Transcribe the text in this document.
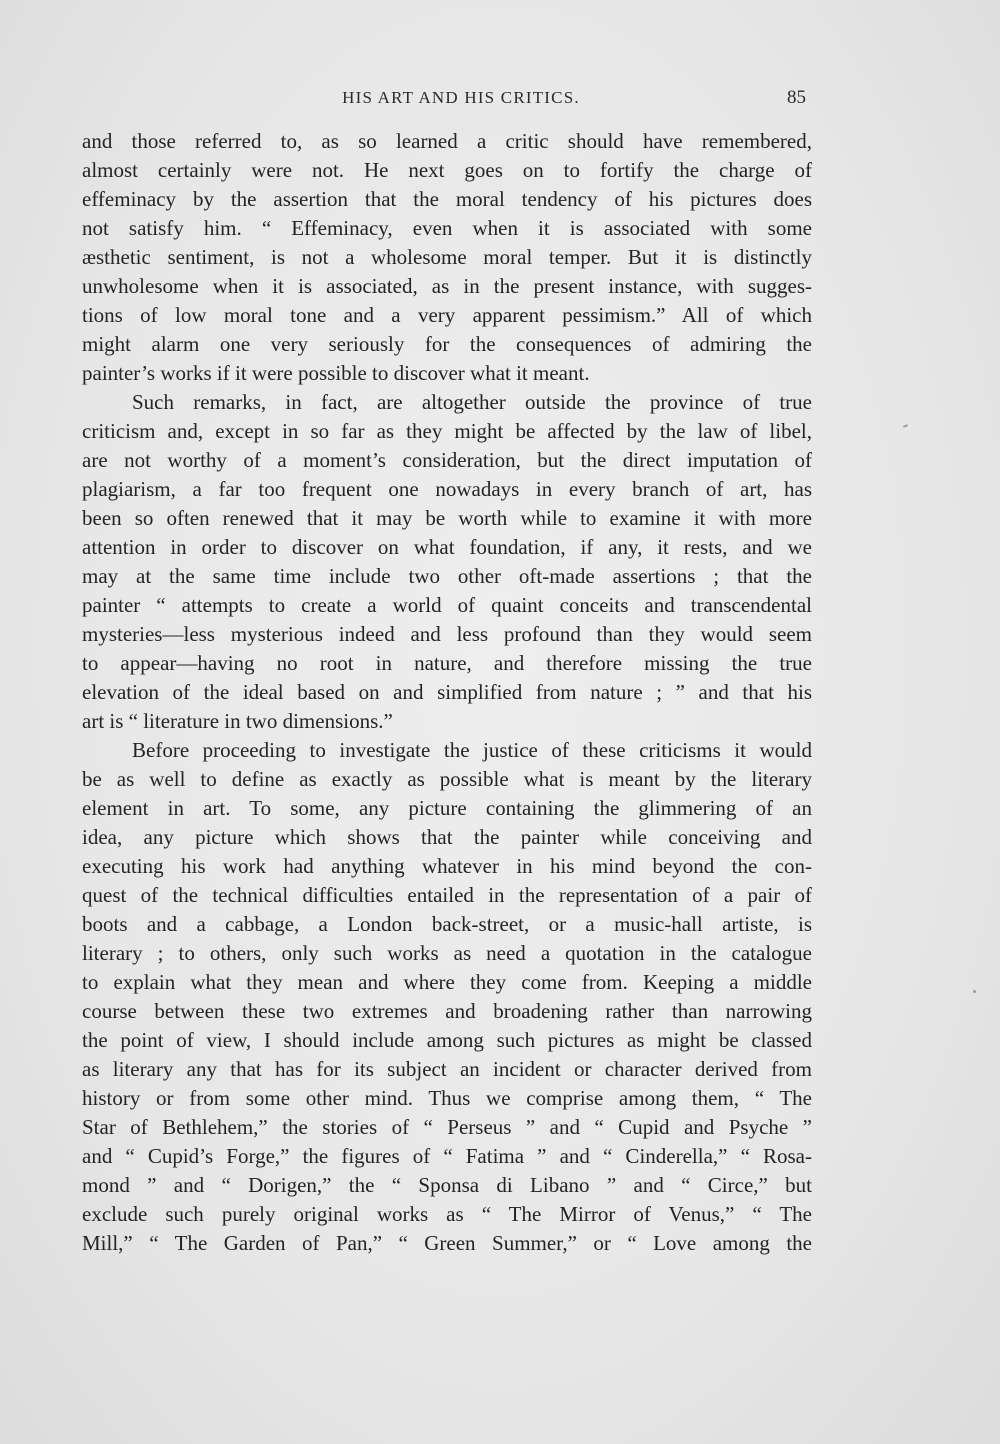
HIS ART AND HIS CRITICS.	85
and those referred to, as so learned a critic should have remembered,
almost certainly were not. He next goes on to fortify the charge of
effeminacy by the assertion that the moral tendency of his pictures does
not satisfy him. “ Effeminacy, even when it is associated with some
æsthetic sentiment, is not a wholesome moral temper. But it is distinctly
unwholesome when it is associated, as in the present instance, with sugges-
tions of low moral tone and a very apparent pessimism.” All of which
might alarm one very seriously for the consequences of admiring the
painter’s works if it were possible to discover what it meant.
Such remarks, in fact, are altogether outside the province of true
criticism and, except in so far as they might be affected by the law of libel,
are not worthy of a moment’s consideration, but the direct imputation of
plagiarism, a far too frequent one nowadays in every branch of art, has
been so often renewed that it may be worth while to examine it with more
attention in order to discover on what foundation, if any, it rests, and we
may at the same time include two other oft-made assertions ; that the
painter “ attempts to create a world of quaint conceits and transcendental
mysteries—less mysterious indeed and less profound than they would seem
to appear—having no root in nature, and therefore missing the true
elevation of the ideal based on and simplified from nature ; ” and that his
art is “ literature in two dimensions.”
Before proceeding to investigate the justice of these criticisms it would
be as well to define as exactly as possible what is meant by the literary
element in art. To some, any picture containing the glimmering of an
idea, any picture which shows that the painter while conceiving and
executing his work had anything whatever in his mind beyond the con-
quest of the technical difficulties entailed in the representation of a pair of
boots and a cabbage, a London back-street, or a music-hall artiste, is
literary ; to others, only such works as need a quotation in the catalogue
to explain what they mean and where they come from. Keeping a middle
course between these two extremes and broadening rather than narrowing
the point of view, I should include among such pictures as might be classed
as literary any that has for its subject an incident or character derived from
history or from some other mind. Thus we comprise among them, “ The
Star of Bethlehem,” the stories of “ Perseus ” and “ Cupid and Psyche ”
and “ Cupid’s Forge,” the figures of “ Fatima ” and “ Cinderella,” “ Rosa-
mond ” and “ Dorigen,” the “ Sponsa di Libano ” and “ Circe,” but
exclude such purely original works as “ The Mirror of Venus,” “ The
Mill,” “ The Garden of Pan,” “ Green Summer,” or “ Love among the
